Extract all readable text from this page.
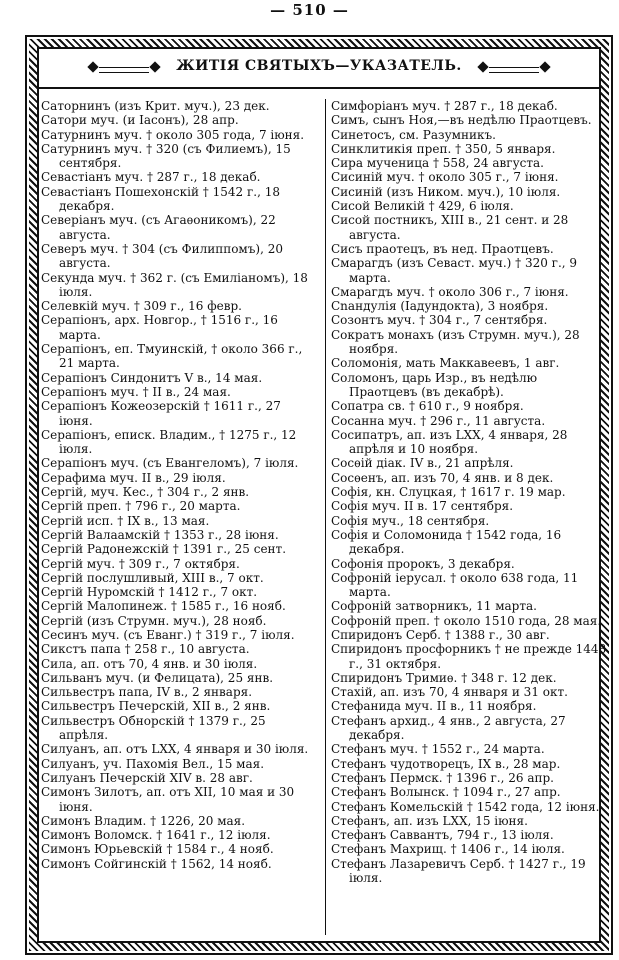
— 510 —
ЖИТІЯ СВЯТЫХЪ—УКАЗАТЕЛЬ.
Саторнинъ (изъ Крит. муч.), 23 дек.
Сатори муч. (и Іасонъ), 28 апр.
Сатурнинъ муч. † около 305 года, 7 іюня.
Сатурнинъ муч. † 320 (съ Филиемъ), 15 сентября.
Севастіанъ муч. † 287 г., 18 декаб.
Севастіанъ Пошехонскій † 1542 г., 18 декабря.
Северіанъ муч. (съ Агаѳоникомъ), 22 августа.
Северъ муч. † 304 (съ Филиппомъ), 20 августа.
Секунда муч. † 362 г. (съ Емиліаномъ), 18 іюля.
Селевкій муч. † 309 г., 16 февр.
Серапіонъ, арх. Новгор., † 1516 г., 16 марта.
Серапіонъ, еп. Тмуинскій, † около 366 г., 21 марта.
Серапіонъ Синдонитъ V в., 14 мая.
Серапіонъ муч. † II в., 24 мая.
Серапіонъ Кожеозерскій † 1611 г., 27 іюня.
Серапіонъ, еписк. Владим., † 1275 г., 12 іюля.
Серапіонъ муч. (съ Евангеломъ), 7 іюля.
Серафима муч. II в., 29 іюля.
Сергій, муч. Кес., † 304 г., 2 янв.
Сергій преп. † 796 г., 20 марта.
Сергій исп. † IX в., 13 мая.
Сергій Валаамскій † 1353 г., 28 іюня.
Сергій Радонежскій † 1391 г., 25 сент.
Сергій муч. † 309 г., 7 октября.
Сергій послушливый, XIII в., 7 окт.
Сергій Нуромскій † 1412 г., 7 окт.
Сергій Малопинеж. † 1585 г., 16 нояб.
Сергій (изъ Струмн. муч.), 28 нояб.
Сесинъ муч. (съ Еванг.) † 319 г., 7 іюля.
Сикстъ папа † 258 г., 10 августа.
Сила, ап. отъ 70, 4 янв. и 30 іюля.
Сильванъ муч. (и Фелицата), 25 янв.
Сильвестръ папа, IV в., 2 января.
Сильвестръ Печерскій, XII в., 2 янв.
Сильвестръ Обнорскій † 1379 г., 25 апрѣля.
Силуанъ, ап. отъ LXX, 4 января и 30 іюля.
Силуанъ, уч. Пахомія Вел., 15 мая.
Силуанъ Печерскій XIV в. 28 авг.
Симонъ Зилотъ, ап. отъ XII, 10 мая и 30 іюня.
Симонъ Владим. † 1226, 20 мая.
Симонъ Воломск. † 1641 г., 12 іюля.
Симонъ Юрьевскій † 1584 г., 4 нояб.
Симонъ Сойгинскій † 1562, 14 нояб.
Симфоріанъ муч. † 287 г., 18 декаб.
Симъ, сынъ Ноя,—въ недѣлю Праотцевъ.
Синетосъ, см. Разумникъ.
Синклитикія преп. † 350, 5 января.
Сира мученица † 558, 24 августа.
Сисиній муч. † около 305 г., 7 іюня.
Сисиній (изъ Ником. муч.), 10 іюля.
Сисой Великій † 429, 6 іюля.
Сисой постникъ, XIII в., 21 сент. и 28 августа.
Сисъ праотецъ, въ нед. Праотцевъ.
Смарагдъ (изъ Севаст. муч.) † 320 г., 9 марта.
Смарагдъ муч. † около 306 г., 7 іюня.
Сnандулія (Іадундокта), 3 ноября.
Созонтъ муч. † 304 г., 7 сентября.
Сократъ монахъ (изъ Струмн. муч.), 28 ноября.
Соломонія, мать Маккавеевъ, 1 авг.
Соломонъ, царь Изр., въ недѣлю Праотцевъ (въ декабрѣ).
Сопатра св. † 610 г., 9 ноября.
Сосанна муч. † 296 г., 11 августа.
Сосипатръ, ап. изъ LXX, 4 января, 28 апрѣля и 10 ноября.
Сосѳій діак. IV в., 21 апрѣля.
Сосѳенъ, ап. изъ 70, 4 янв. и 8 дек.
Софія, кн. Слуцкая, † 1617 г. 19 мар.
Софія муч. II в. 17 сентября.
Софія муч., 18 сентября.
Софія и Соломонида † 1542 года, 16 декабря.
Софонія пророкъ, 3 декабря.
Софроній іерусал. † около 638 года, 11 марта.
Софроній затворникъ, 11 марта.
Софроній преп. † около 1510 года, 28 мая.
Спиридонъ Серб. † 1388 г., 30 авг.
Спиридонъ просфорникъ † не прежде 1448 г., 31 октября.
Спиридонъ Тримиѳ. † 348 г. 12 дек.
Стахій, ап. изъ 70, 4 января и 31 окт.
Стефанида муч. II в., 11 ноября.
Стефанъ архид., 4 янв., 2 августа, 27 декабря.
Стефанъ муч. † 1552 г., 24 марта.
Стефанъ чудотворецъ, IX в., 28 мар.
Стефанъ Пермск. † 1396 г., 26 апр.
Стефанъ Волынск. † 1094 г., 27 апр.
Стефанъ Комельскій † 1542 года, 12 іюня.
Стефанъ, ап. изъ LXX, 15 іюня.
Стефанъ Саввантъ, 794 г., 13 іюля.
Стефанъ Махрищ. † 1406 г., 14 іюля.
Стефанъ Лазаревичъ Серб. † 1427 г., 19 іюля.
